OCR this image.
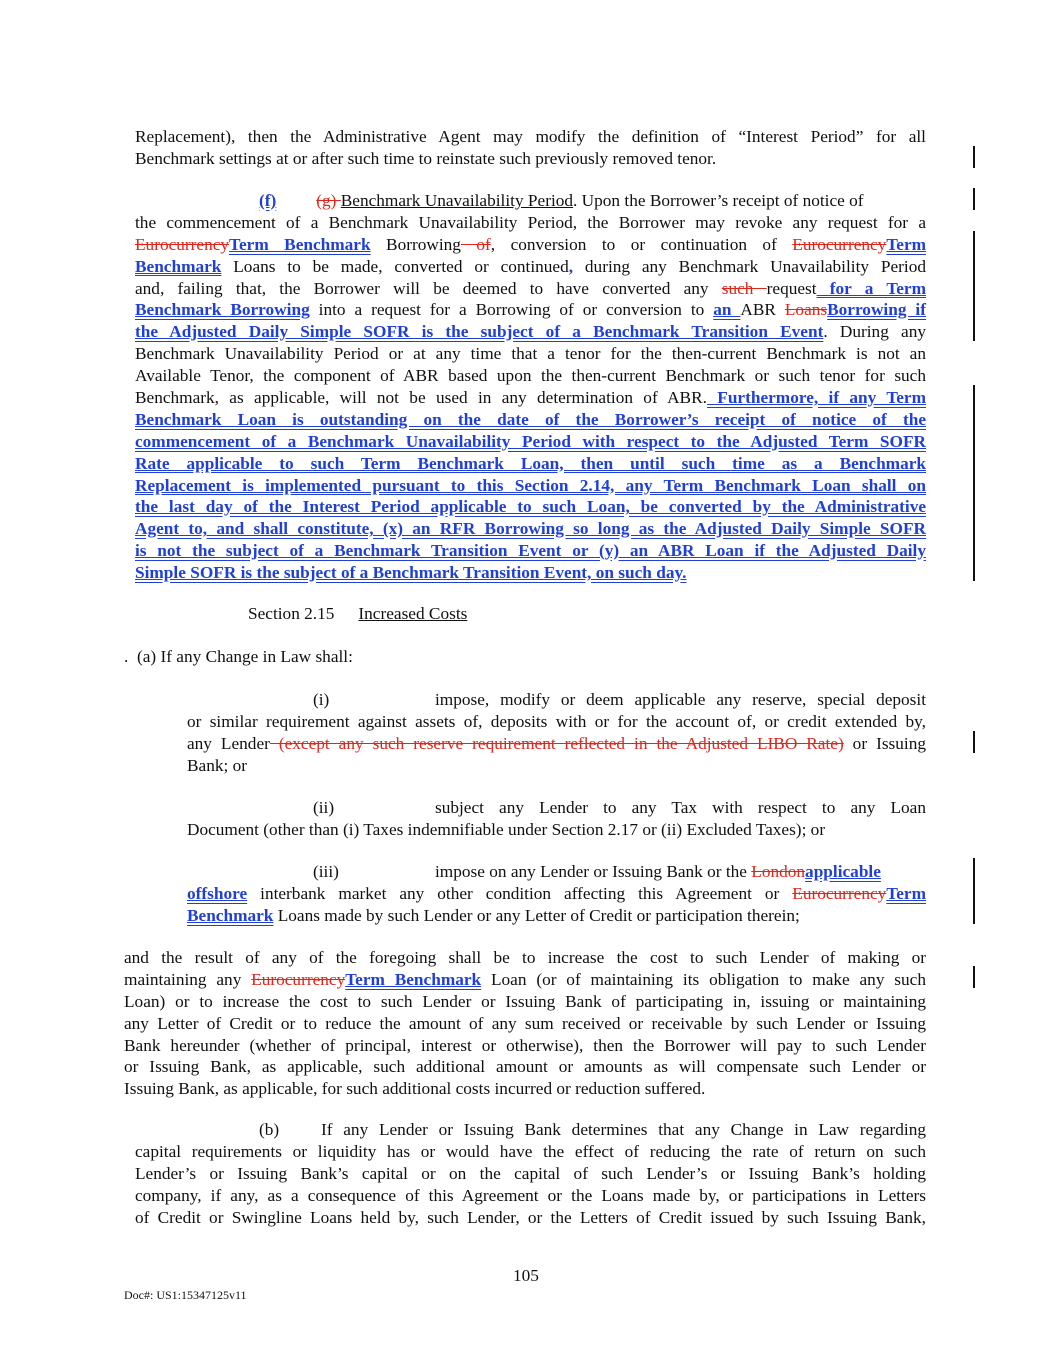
Replacement), then the Administrative Agent may modify the definition of “Interest Period” for all
Benchmark settings at or after such time to reinstate such previously removed tenor.
(f) (g) Benchmark Unavailability Period. Upon the Borrower’s receipt of notice of
the commencement of a Benchmark Unavailability Period, the Borrower may revoke any request for a
EurocurrencyTerm Benchmark Borrowing of, conversion to or continuation of EurocurrencyTerm
Benchmark Loans to be made, converted or continued, during any Benchmark Unavailability Period
and, failing that, the Borrower will be deemed to have converted any such request for a Term
Benchmark Borrowing into a request for a Borrowing of or conversion to an ABR LoansBorrowing if
the Adjusted Daily Simple SOFR is the subject of a Benchmark Transition Event. During any
Benchmark Unavailability Period or at any time that a tenor for the then-current Benchmark is not an
Available Tenor, the component of ABR based upon the then-current Benchmark or such tenor for such
Benchmark, as applicable, will not be used in any determination of ABR. Furthermore, if any Term
Benchmark Loan is outstanding on the date of the Borrower’s receipt of notice of the
commencement of a Benchmark Unavailability Period with respect to the Adjusted Term SOFR
Rate applicable to such Term Benchmark Loan, then until such time as a Benchmark
Replacement is implemented pursuant to this Section 2.14, any Term Benchmark Loan shall on
the last day of the Interest Period applicable to such Loan, be converted by the Administrative
Agent to, and shall constitute, (x) an RFR Borrowing so long as the Adjusted Daily Simple SOFR
is not the subject of a Benchmark Transition Event or (y) an ABR Loan if the Adjusted Daily
Simple SOFR is the subject of a Benchmark Transition Event, on such day.
Section 2.15 Increased Costs
.  (a) If any Change in Law shall:
(i)	impose, modify or deem applicable any reserve, special deposit
or similar requirement against assets of, deposits with or for the account of, or credit extended by,
any Lender (except any such reserve requirement reflected in the Adjusted LIBO Rate) or Issuing
Bank; or
(ii)	subject any Lender to any Tax with respect to any Loan
Document (other than (i) Taxes indemnifiable under Section 2.17 or (ii) Excluded Taxes); or
(iii)	impose on any Lender or Issuing Bank or the Londonapplicable
offshore interbank market any other condition affecting this Agreement or EurocurrencyTerm
Benchmark Loans made by such Lender or any Letter of Credit or participation therein;
and the result of any of the foregoing shall be to increase the cost to such Lender of making or
maintaining any EurocurrencyTerm Benchmark Loan (or of maintaining its obligation to make any such
Loan) or to increase the cost to such Lender or Issuing Bank of participating in, issuing or maintaining
any Letter of Credit or to reduce the amount of any sum received or receivable by such Lender or Issuing
Bank hereunder (whether of principal, interest or otherwise), then the Borrower will pay to such Lender
or Issuing Bank, as applicable, such additional amount or amounts as will compensate such Lender or
Issuing Bank, as applicable, for such additional costs incurred or reduction suffered.
(b) If any Lender or Issuing Bank determines that any Change in Law regarding
capital requirements or liquidity has or would have the effect of reducing the rate of return on such
Lender’s or Issuing Bank’s capital or on the capital of such Lender’s or Issuing Bank’s holding
company, if any, as a consequence of this Agreement or the Loans made by, or participations in Letters
of Credit or Swingline Loans held by, such Lender, or the Letters of Credit issued by such Issuing Bank,
105
Doc#: US1:15347125v11
